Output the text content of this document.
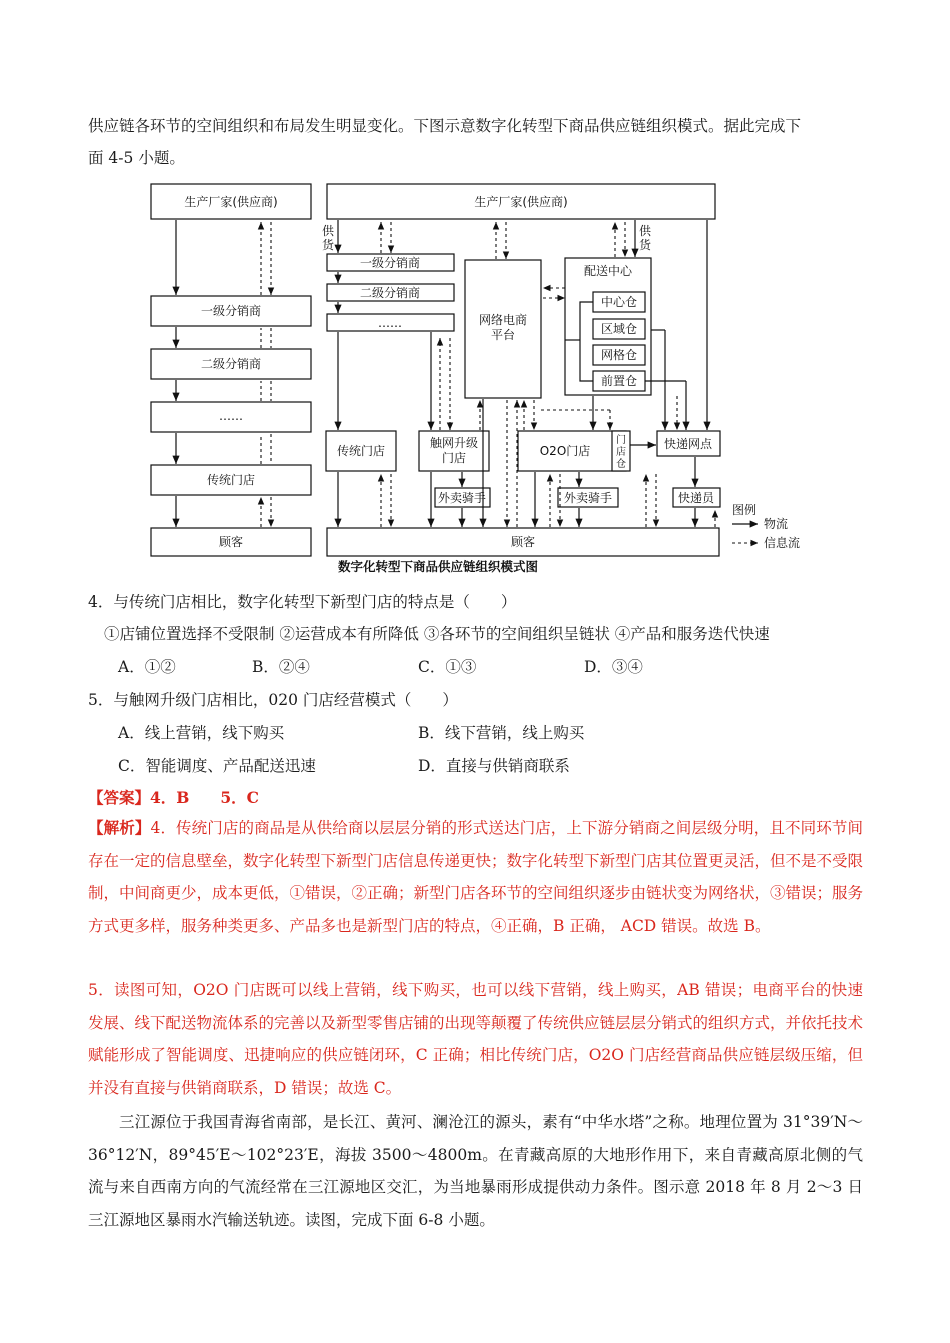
供应链各环节的空间组织和布局发生明显变化。下图示意数字化转型下商品供应链组织模式。据此完成下
面 4-5 小题。
生产厂家(供应商)
一级分销商
二级分销商
……
传统门店
顾客
生产厂家(供应商)
供
货
供
货
一级分销商
二级分销商
……	网络电商
平台
配送中心
中心仓
区域仓
网格仓
前置仓
传统门店
触网升级
门店	O2O门店
门
店
仓
快递网点
外卖骑手	外卖骑手	快递员
顾客
图例
物流
信息流
数字化转型下商品供应链组织模式图
4．与传统门店相比，数字化转型下新型门店的特点是（　　）
①店铺位置选择不受限制 ②运营成本有所降低 ③各环节的空间组织呈链状 ④产品和服务迭代快速
A．①②	B．②④	C．①③	D．③④
5．与触网升级门店相比，020 门店经营模式（　　）
A．线上营销，线下购买	B．线下营销，线上购买
C．智能调度、产品配送迅速	D．直接与供销商联系
【答案】4．B　　5．C
【解析】4．传统门店的商品是从供给商以层层分销的形式送达门店，上下游分销商之间层级分明，且不同环节间存在一定的信息壁垒，数字化转型下新型门店信息传递更快；数字化转型下新型门店其位置更灵活，但不是不受限制，中间商更少，成本更低，①错误，②正确；新型门店各环节的空间组织逐步由链状变为网络状，③错误；服务方式更多样，服务种类更多、产品多也是新型门店的特点，④正确，B 正确， ACD 错误。故选 B。
5．读图可知，O2O 门店既可以线上营销，线下购买，也可以线下营销，线上购买，AB 错误；电商平台的快速发展、线下配送物流体系的完善以及新型零售店铺的出现等颠覆了传统供应链层层分销式的组织方式，并依托技术赋能形成了智能调度、迅捷响应的供应链闭环，C 正确；相比传统门店，O2O 门店经营商品供应链层级压缩，但并没有直接与供销商联系，D 错误；故选 C。
三江源位于我国青海省南部，是长江、黄河、澜沧江的源头，素有“中华水塔”之称。地理位置为 31°39′N～36°12′N，89°45′E～102°23′E，海拔 3500～4800m。在青藏高原的大地形作用下，来自青藏高原北侧的气流与来自西南方向的气流经常在三江源地区交汇，为当地暴雨形成提供动力条件。图示意 2018 年 8 月 2～3 日三江源地区暴雨水汽输送轨迹。读图，完成下面 6-8 小题。
